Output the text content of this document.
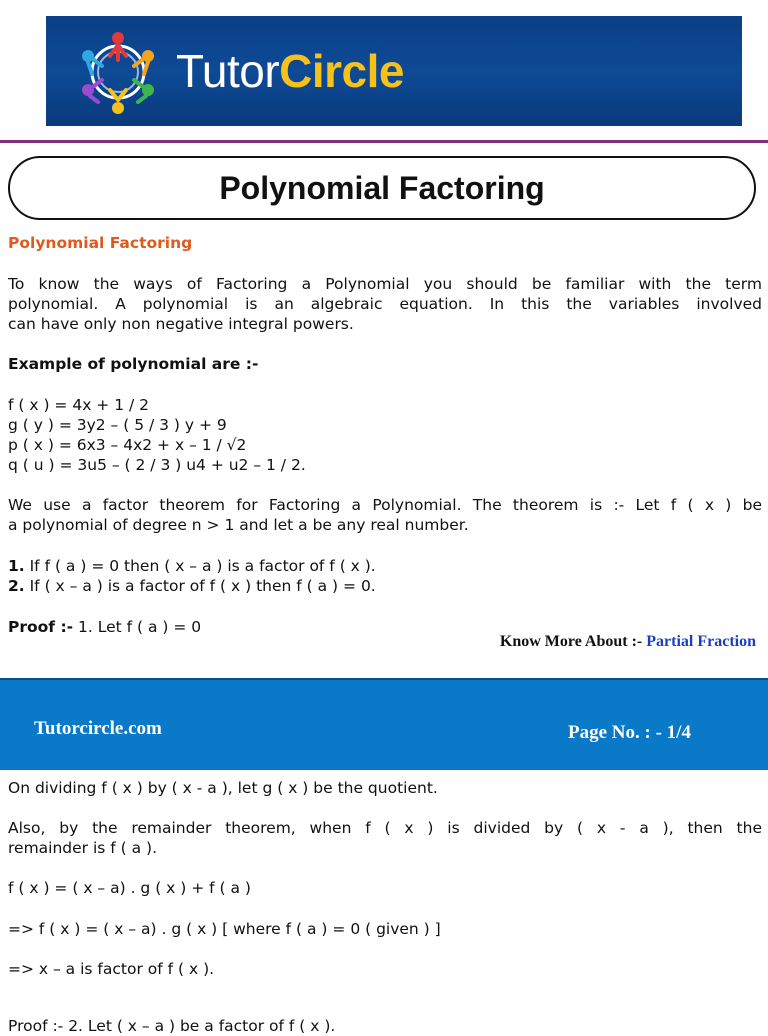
TutorCircle
Polynomial Factoring
Polynomial Factoring
To know the ways of Factoring a Polynomial you should be familiar with the term
polynomial. A polynomial is an algebraic equation. In this the variables involved
can have only non negative integral powers.
Example of polynomial are :-
f ( x ) = 4x + 1 / 2
g ( y ) = 3y2 – ( 5 / 3 ) y + 9
p ( x ) = 6x3 – 4x2 + x – 1 / √2
q ( u ) = 3u5 – ( 2 / 3 ) u4 + u2 – 1 / 2.
We use a factor theorem for Factoring a Polynomial. The theorem is :- Let f ( x ) be
a polynomial of degree n > 1 and let a be any real number.
1. If f ( a ) = 0 then ( x – a ) is a factor of f ( x ).
2. If ( x – a ) is a factor of f ( x ) then f ( a ) = 0.
Proof :- 1. Let f ( a ) = 0
Know More About :- Partial Fraction
Tutorcircle.com	Page No. : - 1/4
On dividing f ( x ) by ( x - a ), let g ( x ) be the quotient.
Also, by the remainder theorem, when f ( x ) is divided by ( x - a ), then the
remainder is f ( a ).
f ( x ) = ( x – a) . g ( x ) + f ( a )
=> f ( x ) = ( x – a) . g ( x ) [ where f ( a ) = 0 ( given ) ]
=> x – a is factor of f ( x ).
Proof :- 2. Let ( x – a ) be a factor of f ( x ).
